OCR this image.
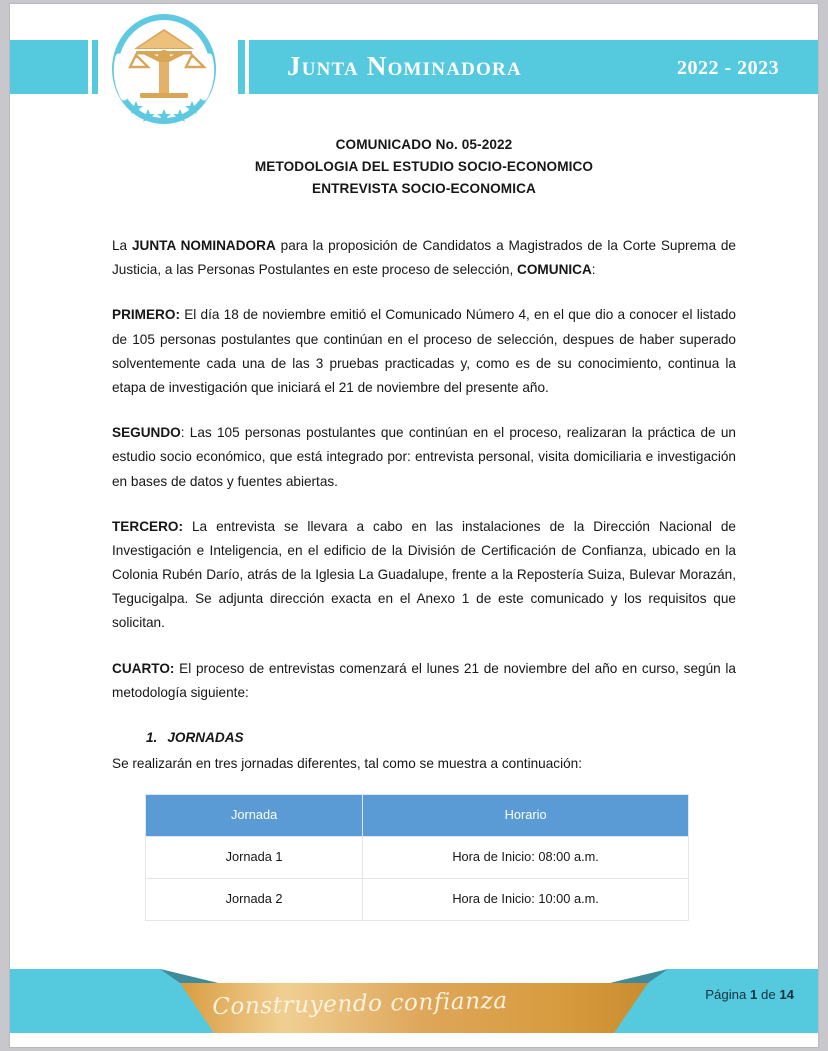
Junta Nominadora	2022 - 2023
COMUNICADO No. 05-2022
METODOLOGIA DEL ESTUDIO SOCIO-ECONOMICO
ENTREVISTA SOCIO-ECONOMICA

La JUNTA NOMINADORA para la proposición de Candidatos a Magistrados de la Corte Suprema de Justicia, a las Personas Postulantes en este proceso de selección, COMUNICA:

PRIMERO: El día 18 de noviembre emitió el Comunicado Número 4, en el que dio a conocer el listado de 105 personas postulantes que continúan en el proceso de selección, despues de haber superado solventemente cada una de las 3 pruebas practicadas y, como es de su conocimiento, continua la etapa de investigación que iniciará el 21 de noviembre del presente año.

SEGUNDO: Las 105 personas postulantes que continúan en el proceso, realizaran la práctica de un estudio socio económico, que está integrado por: entrevista personal, visita domiciliaria e investigación en bases de datos y fuentes abiertas.

TERCERO: La entrevista se llevara a cabo en las instalaciones de la Dirección Nacional de Investigación e Inteligencia, en el edificio de la División de Certificación de Confianza, ubicado en la Colonia Rubén Darío, atrás de la Iglesia La Guadalupe, frente a la Repostería Suiza, Bulevar Morazán, Tegucigalpa. Se adjunta dirección exacta en el Anexo 1 de este comunicado y los requisitos que solicitan.

CUARTO: El proceso de entrevistas comenzará el lunes 21 de noviembre del año en curso, según la metodología siguiente:

1. JORNADAS

Se realizarán en tres jornadas diferentes, tal como se muestra a continuación:

Jornada	Horario
Jornada 1	Hora de Inicio: 08:00 a.m.
Jornada 2	Hora de Inicio: 10:00 a.m.
Construyendo confianza	Página 1 de 14
